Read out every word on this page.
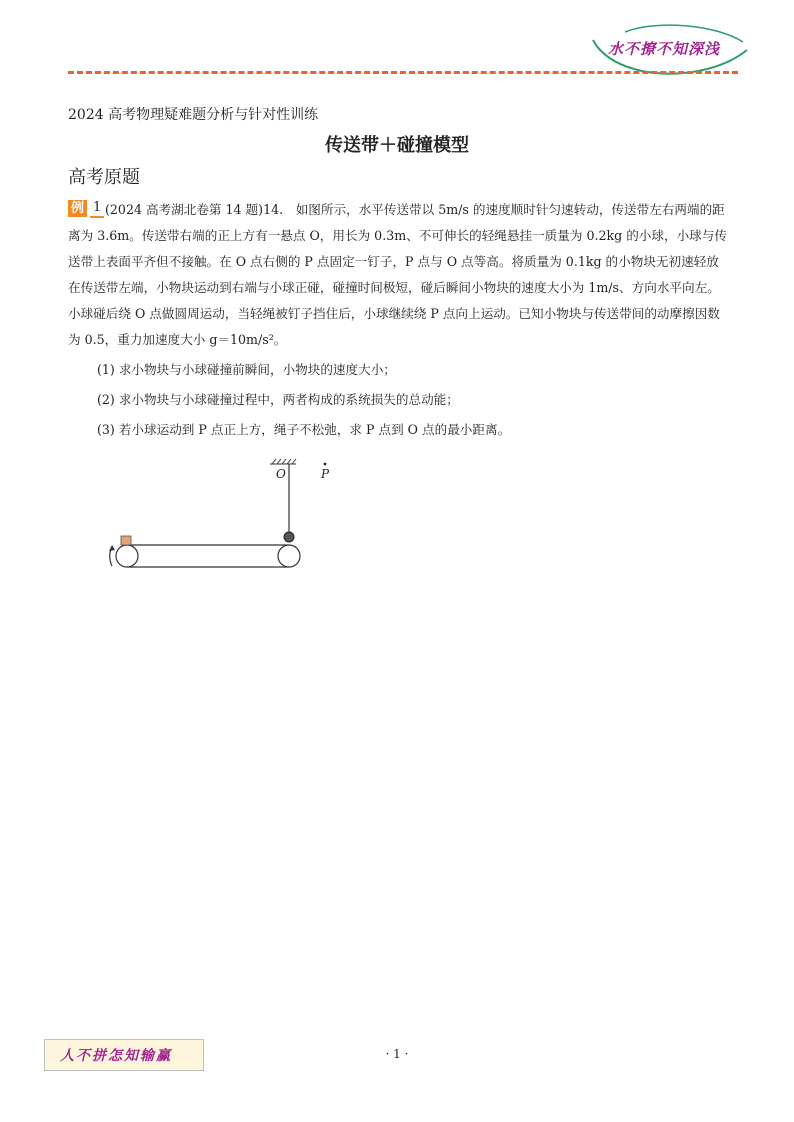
水不撩不知深浅
2024 高考物理疑难题分析与针对性训练
传送带＋碰撞模型
高考原题
例 1 (2024 高考湖北卷第 14 题)14.　如图所示，水平传送带以 5m/s 的速度顺时针匀速转动，传送带左右两端的距离为 3.6m。传送带右端的正上方有一悬点 O，用长为 0.3m、不可伸长的轻绳悬挂一质量为 0.2kg 的小球，小球与传送带上表面平齐但不接触。在 O 点右侧的 P 点固定一钉子，P 点与 O 点等高。将质量为 0.1kg 的小物块无初速轻放在传送带左端，小物块运动到右端与小球正碰，碰撞时间极短，碰后瞬间小物块的速度大小为 1m/s、方向水平向左。小球碰后绕 O 点做圆周运动，当轻绳被钉子挡住后，小球继续绕 P 点向上运动。已知小物块与传送带间的动摩擦因数为 0.5，重力加速度大小 g＝10m/s²。
(1) 求小物块与小球碰撞前瞬间，小物块的速度大小；
(2) 求小物块与小球碰撞过程中，两者构成的系统损失的总动能；
(3) 若小球运动到 P 点正上方，绳子不松弛，求 P 点到 O 点的最小距离。
O	P
人不拼怎知输赢	· 1 ·
